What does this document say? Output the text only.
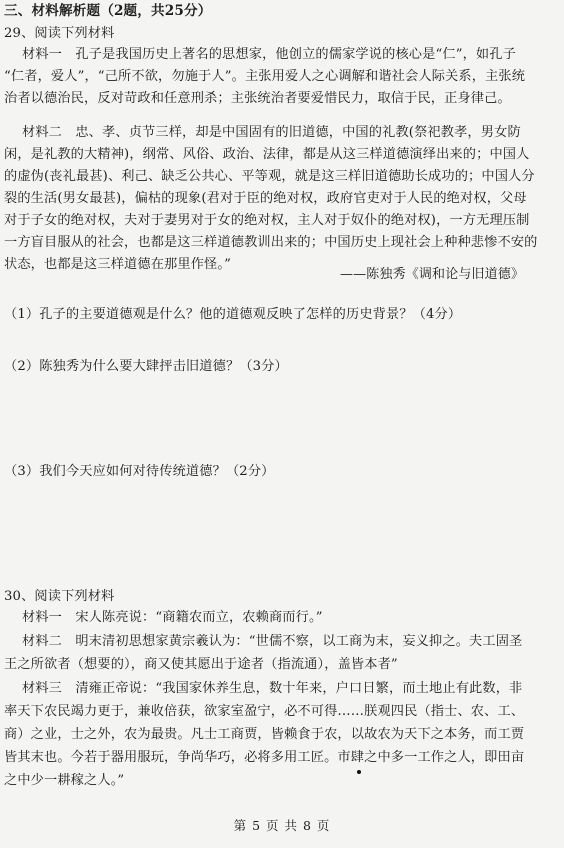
三、材料解析题（2题，共25分）
29、阅读下列材料
材料一　孔子是我国历史上著名的思想家，他创立的儒家学说的核心是“仁”，如孔子
“仁者，爱人”，“己所不欲，勿施于人”。主张用爱人之心调解和谐社会人际关系，主张统
治者以德治民，反对苛政和任意刑杀；主张统治者要爱惜民力，取信于民，正身律己。
材料二　忠、孝、贞节三样，却是中国固有的旧道德，中国的礼教(祭祀教孝，男女防
闲，是礼教的大精神)，纲常、风俗、政治、法律，都是从这三样道德演绎出来的；中国人
的虚伪(丧礼最甚)、利己、缺乏公共心、平等观，就是这三样旧道德助长成功的；中国人分
裂的生活(男女最甚)，偏枯的现象(君对于臣的绝对权，政府官吏对于人民的绝对权，父母
对于子女的绝对权，夫对于妻男对于女的绝对权，主人对于奴仆的绝对权)，一方无理压制
一方盲目服从的社会，也都是这三样道德教训出来的；中国历史上现社会上种种悲惨不安的
状态，也都是这三样道德在那里作怪。”
——陈独秀《调和论与旧道德》
（1）孔子的主要道德观是什么？他的道德观反映了怎样的历史背景？（4分）
（2）陈独秀为什么要大肆抨击旧道德？（3分）
（3）我们今天应如何对待传统道德？（2分）
30、阅读下列材料
材料一　宋人陈亮说：“商籍农而立，农赖商而行。”
材料二　明末清初思想家黄宗羲认为：“世儒不察，以工商为末，妄义抑之。夫工固圣
王之所欲者（想要的），商又使其愿出于途者（指流通），盖皆本者”
材料三　清雍正帝说：“我国家休养生息，数十年来，户口日繁，而土地止有此数，非
率天下农民竭力更于，兼收倍获，欲家室盈宁，必不可得……朕观四民（指士、农、工、
商）之业，士之外，农为最贵。凡士工商贾，皆赖食于农，以故农为天下之本务，而工贾
皆其末也。今若于器用服玩，争尚华巧，必将多用工匠。市肆之中多一工作之人，即田亩
之中少一耕稼之人。”
第 5 页 共 8 页
